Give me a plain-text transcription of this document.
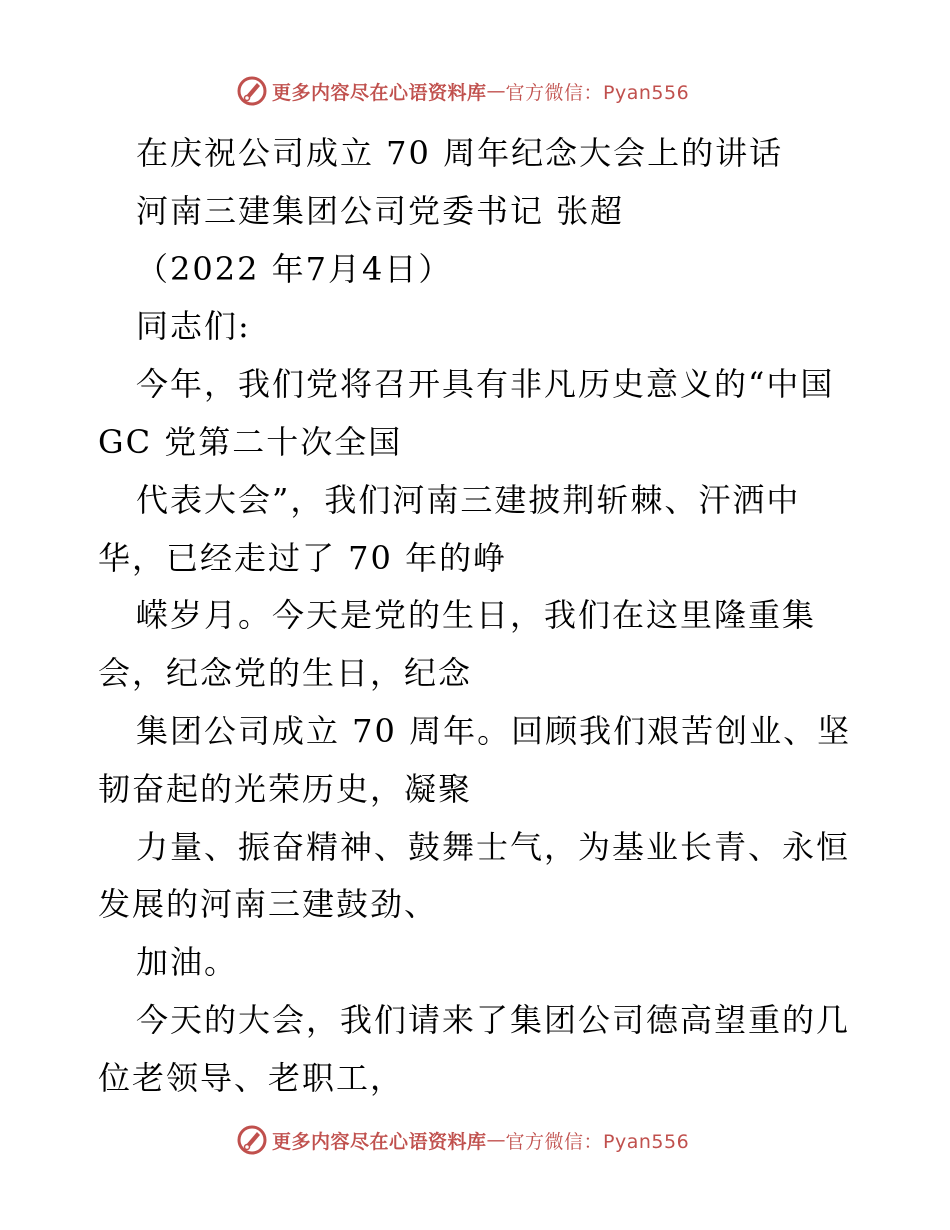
更多内容尽在心语资料库 — 官方微信：Pyan556
在庆祝公司成立 70 周年纪念大会上的讲话
河南三建集团公司党委书记 张超
（2022 年7月4日）
同志们:
今年，我们党将召开具有非凡历史意义的“中国
GC 党第二十次全国
代表大会”，我们河南三建披荆斩棘、汗洒中
华，已经走过了 70 年的峥
嵘岁月。今天是党的生日，我们在这里隆重集
会，纪念党的生日，纪念
集团公司成立 70 周年。回顾我们艰苦创业、坚
韧奋起的光荣历史，凝聚
力量、振奋精神、鼓舞士气，为基业长青、永恒
发展的河南三建鼓劲、
加油。
今天的大会，我们请来了集团公司德高望重的几
位老领导、老职工，
更多内容尽在心语资料库 — 官方微信：Pyan556
